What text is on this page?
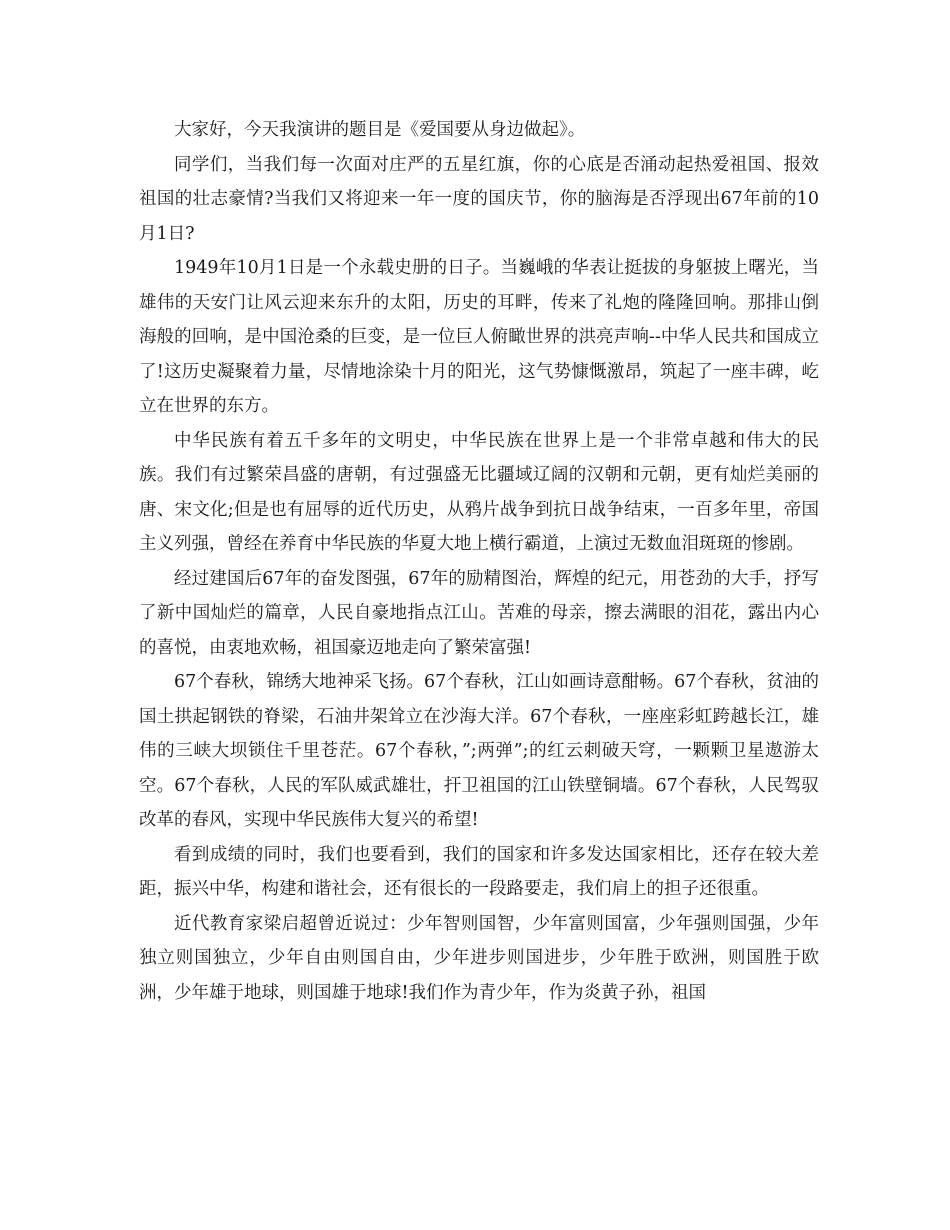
大家好，今天我演讲的题目是《爱国要从身边做起》。

同学们，当我们每一次面对庄严的五星红旗，你的心底是否涌动起热爱祖国、报效祖国的壮志豪情?当我们又将迎来一年一度的国庆节，你的脑海是否浮现出67年前的10月1日?

1949年10月1日是一个永载史册的日子。当巍峨的华表让挺拔的身躯披上曙光，当雄伟的天安门让风云迎来东升的太阳，历史的耳畔，传来了礼炮的隆隆回响。那排山倒海般的回响，是中国沧桑的巨变，是一位巨人俯瞰世界的洪亮声响--中华人民共和国成立了!这历史凝聚着力量，尽情地涂染十月的阳光，这气势慷慨激昂，筑起了一座丰碑，屹立在世界的东方。

中华民族有着五千多年的文明史，中华民族在世界上是一个非常卓越和伟大的民族。我们有过繁荣昌盛的唐朝，有过强盛无比疆域辽阔的汉朝和元朝，更有灿烂美丽的唐、宋文化;但是也有屈辱的近代历史，从鸦片战争到抗日战争结束，一百多年里，帝国主义列强，曾经在养育中华民族的华夏大地上横行霸道，上演过无数血泪斑斑的惨剧。

经过建国后67年的奋发图强，67年的励精图治，辉煌的纪元，用苍劲的大手，抒写了新中国灿烂的篇章，人民自豪地指点江山。苦难的母亲，擦去满眼的泪花，露出内心的喜悦，由衷地欢畅，祖国豪迈地走向了繁荣富强!

67个春秋，锦绣大地神采飞扬。67个春秋，江山如画诗意酣畅。67个春秋，贫油的国土拱起钢铁的脊梁，石油井架耸立在沙海大洋。67个春秋，一座座彩虹跨越长江，雄伟的三峡大坝锁住千里苍茫。67个春秋，”;两弹”;的红云刺破天穹，一颗颗卫星遨游太空。67个春秋，人民的军队威武雄壮，扞卫祖国的江山铁壁铜墙。67个春秋，人民驾驭改革的春风，实现中华民族伟大复兴的希望!

看到成绩的同时，我们也要看到，我们的国家和许多发达国家相比，还存在较大差距，振兴中华，构建和谐社会，还有很长的一段路要走，我们肩上的担子还很重。

近代教育家梁启超曾近说过：少年智则国智，少年富则国富，少年强则国强，少年独立则国独立，少年自由则国自由，少年进步则国进步，少年胜于欧洲，则国胜于欧洲，少年雄于地球，则国雄于地球!我们作为青少年，作为炎黄子孙，祖国
